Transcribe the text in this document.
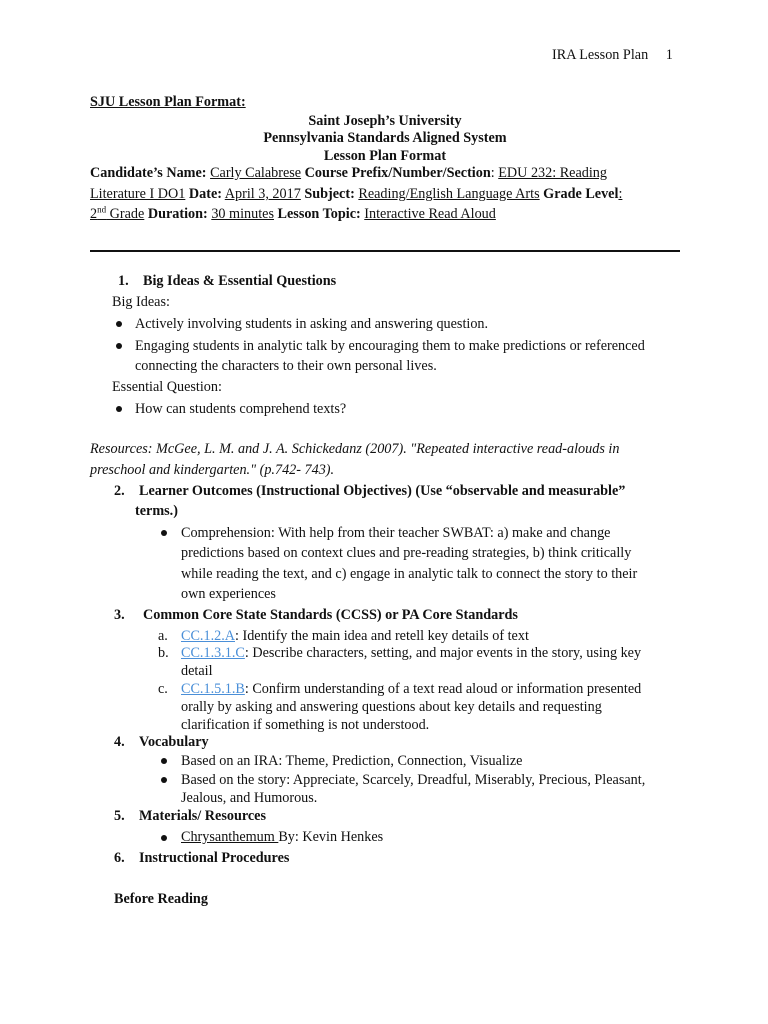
IRA Lesson Plan 1
SJU Lesson Plan Format:
Saint Joseph’s University
Pennsylvania Standards Aligned System
Lesson Plan Format
Candidate’s Name: Carly Calabrese Course Prefix/Number/Section: EDU 232: Reading
Literature I DO1 Date: April 3, 2017 Subject: Reading/English Language Arts Grade Level:
2nd Grade Duration: 30 minutes Lesson Topic: Interactive Read Aloud
1. Big Ideas & Essential Questions
Big Ideas:
Actively involving students in asking and answering question.
Engaging students in analytic talk by encouraging them to make predictions or referenced
connecting the characters to their own personal lives.
Essential Question:
How can students comprehend texts?
Resources: McGee, L. M. and J. A. Schickedanz (2007). "Repeated interactive read-alouds in
preschool and kindergarten." (p.742- 743).
2. Learner Outcomes (Instructional Objectives) (Use “observable and measurable”
terms.)
Comprehension: With help from their teacher SWBAT: a) make and change
predictions based on context clues and pre-reading strategies, b) think critically
while reading the text, and c) engage in analytic talk to connect the story to their
own experiences
3. Common Core State Standards (CCSS) or PA Core Standards
a. CC.1.2.A: Identify the main idea and retell key details of text
b. CC.1.3.1.C: Describe characters, setting, and major events in the story, using key
detail
c. CC.1.5.1.B: Confirm understanding of a text read aloud or information presented
orally by asking and answering questions about key details and requesting
clarification if something is not understood.
4. Vocabulary
Based on an IRA: Theme, Prediction, Connection, Visualize
Based on the story: Appreciate, Scarcely, Dreadful, Miserably, Precious, Pleasant,
Jealous, and Humorous.
5. Materials/ Resources
Chrysanthemum By: Kevin Henkes
6. Instructional Procedures
Before Reading
